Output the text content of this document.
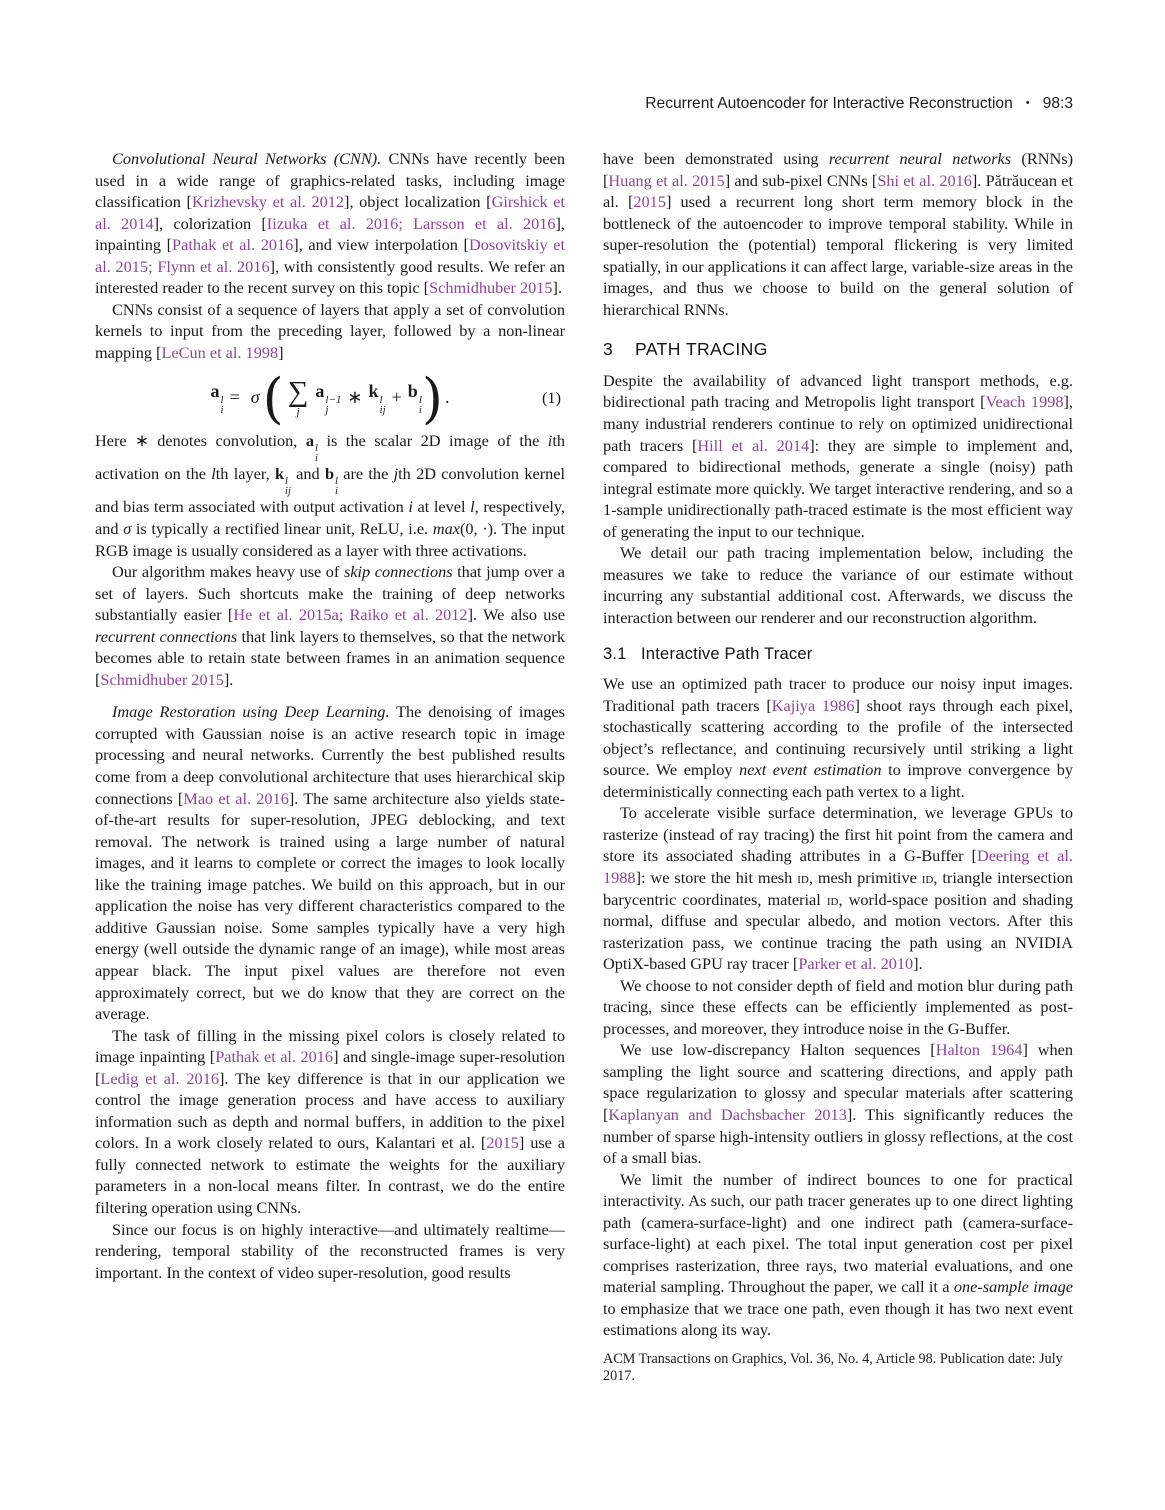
Recurrent Autoencoder for Interactive Reconstruction • 98:3

Convolutional Neural Networks (CNN). CNNs have recently been used in a wide range of graphics-related tasks, including image classification [Krizhevsky et al. 2012], object localization [Girshick et al. 2014], colorization [Iizuka et al. 2016; Larsson et al. 2016], inpainting [Pathak et al. 2016], and view interpolation [Dosovitskiy et al. 2015; Flynn et al. 2016], with consistently good results. We refer an interested reader to the recent survey on this topic [Schmidhuber 2015].

CNNs consist of a sequence of layers that apply a set of convolution kernels to input from the preceding layer, followed by a non-linear mapping [LeCun et al. 1998]

a l
i
= σ ( ∑
j
a l−1
j
∗ k l
ij
+ b l
i ) .	(1)

Here ∗ denotes convolution, a l
i
is the scalar 2D image of the ith activation on the lth layer, k l
ij
and b l
i
are the jth 2D convolution kernel and bias term associated with output activation i at level l, respectively, and σ is typically a rectified linear unit, ReLU, i.e. max(0, ·). The input RGB image is usually considered as a layer with three activations.

Our algorithm makes heavy use of skip connections that jump over a set of layers. Such shortcuts make the training of deep networks substantially easier [He et al. 2015a; Raiko et al. 2012]. We also use recurrent connections that link layers to themselves, so that the network becomes able to retain state between frames in an animation sequence [Schmidhuber 2015].

Image Restoration using Deep Learning. The denoising of images corrupted with Gaussian noise is an active research topic in image processing and neural networks. Currently the best published results come from a deep convolutional architecture that uses hierarchical skip connections [Mao et al. 2016]. The same architecture also yields state-of-the-art results for super-resolution, JPEG deblocking, and text removal. The network is trained using a large number of natural images, and it learns to complete or correct the images to look locally like the training image patches. We build on this approach, but in our application the noise has very different characteristics compared to the additive Gaussian noise. Some samples typically have a very high energy (well outside the dynamic range of an image), while most areas appear black. The input pixel values are therefore not even approximately correct, but we do know that they are correct on the average.

The task of filling in the missing pixel colors is closely related to image inpainting [Pathak et al. 2016] and single-image super-resolution [Ledig et al. 2016]. The key difference is that in our application we control the image generation process and have access to auxiliary information such as depth and normal buffers, in addition to the pixel colors. In a work closely related to ours, Kalantari et al. [2015] use a fully connected network to estimate the weights for the auxiliary parameters in a non-local means filter. In contrast, we do the entire filtering operation using CNNs.

Since our focus is on highly interactive—and ultimately realtime—rendering, temporal stability of the reconstructed frames is very important. In the context of video super-resolution, good results

have been demonstrated using recurrent neural networks (RNNs) [Huang et al. 2015] and sub-pixel CNNs [Shi et al. 2016]. Pătrăucean et al. [2015] used a recurrent long short term memory block in the bottleneck of the autoencoder to improve temporal stability. While in super-resolution the (potential) temporal flickering is very limited spatially, in our applications it can affect large, variable-size areas in the images, and thus we choose to build on the general solution of hierarchical RNNs.

3 PATH TRACING

Despite the availability of advanced light transport methods, e.g. bidirectional path tracing and Metropolis light transport [Veach 1998], many industrial renderers continue to rely on optimized unidirectional path tracers [Hill et al. 2014]: they are simple to implement and, compared to bidirectional methods, generate a single (noisy) path integral estimate more quickly. We target interactive rendering, and so a 1-sample unidirectionally path-traced estimate is the most efficient way of generating the input to our technique.

We detail our path tracing implementation below, including the measures we take to reduce the variance of our estimate without incurring any substantial additional cost. Afterwards, we discuss the interaction between our renderer and our reconstruction algorithm.

3.1 Interactive Path Tracer

We use an optimized path tracer to produce our noisy input images. Traditional path tracers [Kajiya 1986] shoot rays through each pixel, stochastically scattering according to the profile of the intersected object’s reflectance, and continuing recursively until striking a light source. We employ next event estimation to improve convergence by deterministically connecting each path vertex to a light.

To accelerate visible surface determination, we leverage GPUs to rasterize (instead of ray tracing) the first hit point from the camera and store its associated shading attributes in a G-Buffer [Deering et al. 1988]: we store the hit mesh id, mesh primitive id, triangle intersection barycentric coordinates, material id, world-space position and shading normal, diffuse and specular albedo, and motion vectors. After this rasterization pass, we continue tracing the path using an NVIDIA OptiX-based GPU ray tracer [Parker et al. 2010].

We choose to not consider depth of field and motion blur during path tracing, since these effects can be efficiently implemented as post-processes, and moreover, they introduce noise in the G-Buffer.

We use low-discrepancy Halton sequences [Halton 1964] when sampling the light source and scattering directions, and apply path space regularization to glossy and specular materials after scattering [Kaplanyan and Dachsbacher 2013]. This significantly reduces the number of sparse high-intensity outliers in glossy reflections, at the cost of a small bias.

We limit the number of indirect bounces to one for practical interactivity. As such, our path tracer generates up to one direct lighting path (camera-surface-light) and one indirect path (camera-surface-surface-light) at each pixel. The total input generation cost per pixel comprises rasterization, three rays, two material evaluations, and one material sampling. Throughout the paper, we call it a one-sample image to emphasize that we trace one path, even though it has two next event estimations along its way.

ACM Transactions on Graphics, Vol. 36, No. 4, Article 98. Publication date: July 2017.
